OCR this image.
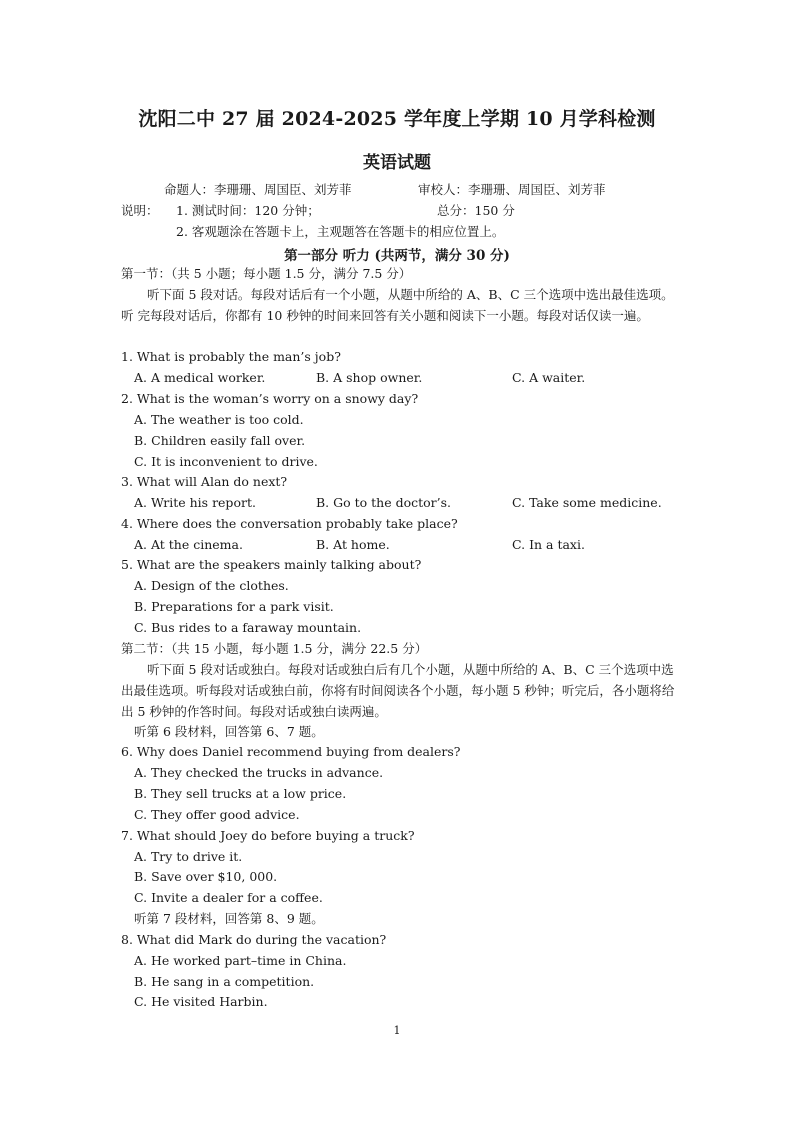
沈阳二中 27 届 2024-2025 学年度上学期 10 月学科检测
英语试题
命题人：李珊珊、周国臣、刘芳菲	审校人：李珊珊、周国臣、刘芳菲
说明： 1. 测试时间：120 分钟；	总分：150 分
2. 客观题涂在答题卡上，主观题答在答题卡的相应位置上。
第一部分 听力 (共两节，满分 30 分)
第一节：（共 5 小题；每小题 1.5 分，满分 7.5 分）
听下面 5 段对话。每段对话后有一个小题，从题中所给的 A、B、C 三个选项中选出最佳选项。听 完每段对话后，你都有 10 秒钟的时间来回答有关小题和阅读下一小题。每段对话仅读一遍。
1. What is probably the man’s job?
A. A medical worker.	B. A shop owner.	C. A waiter.
2. What is the woman’s worry on a snowy day?
A. The weather is too cold.
B. Children easily fall over.
C. It is inconvenient to drive.
3. What will Alan do next?
A. Write his report.	B. Go to the doctor’s.	C. Take some medicine.
4. Where does the conversation probably take place?
A. At the cinema.	B. At home.	C. In a taxi.
5. What are the speakers mainly talking about?
A. Design of the clothes.
B. Preparations for a park visit.
C. Bus rides to a faraway mountain.
第二节：（共 15 小题，每小题 1.5 分，满分 22.5 分）
听下面 5 段对话或独白。每段对话或独白后有几个小题，从题中所给的 A、B、C 三个选项中选出最佳选项。听每段对话或独白前，你将有时间阅读各个小题，每小题 5 秒钟；听完后，各小题将给出 5 秒钟的作答时间。每段对话或独白读两遍。
听第 6 段材料，回答第 6、7 题。
6. Why does Daniel recommend buying from dealers?
A. They checked the trucks in advance.
B. They sell trucks at a low price.
C. They offer good advice.
7. What should Joey do before buying a truck?
A. Try to drive it.
B. Save over $10, 000.
C. Invite a dealer for a coffee.
听第 7 段材料，回答第 8、9 题。
8. What did Mark do during the vacation?
A. He worked part–time in China.
B. He sang in a competition.
C. He visited Harbin.
1
